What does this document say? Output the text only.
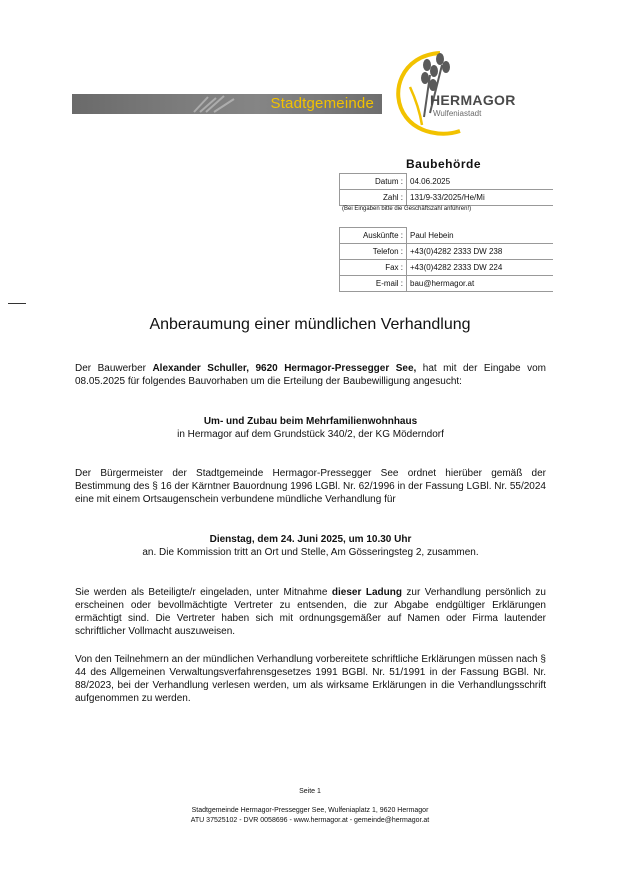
Stadtgemeinde	HERMAGOR
Wulfeniastadt
Baubehörde
Datum :	04.06.2025
Zahl :	131/9-33/2025/He/Mi
(Bei Eingaben bitte die Geschäftszahl anführen!)
Auskünfte :	Paul Hebein
Telefon :	+43(0)4282 2333 DW 238
Fax :	+43(0)4282 2333 DW 224
E-mail :	bau@hermagor.at
Anberaumung einer mündlichen Verhandlung
Der Bauwerber Alexander Schuller, 9620 Hermagor-Pressegger See, hat mit der Eingabe vom 08.05.2025 für folgendes Bauvorhaben um die Erteilung der Baubewilligung angesucht:
Um- und Zubau beim Mehrfamilienwohnhaus
in Hermagor auf dem Grundstück 340/2, der KG Möderndorf
Der Bürgermeister der Stadtgemeinde Hermagor-Pressegger See ordnet hierüber gemäß der Bestimmung des § 16 der Kärntner Bauordnung 1996 LGBl. Nr. 62/1996 in der Fassung LGBl. Nr. 55/2024 eine mit einem Ortsaugenschein verbundene mündliche Verhandlung für
Dienstag, dem 24. Juni 2025, um 10.30 Uhr
an. Die Kommission tritt an Ort und Stelle, Am Gösseringsteg 2, zusammen.
Sie werden als Beteiligte/r eingeladen, unter Mitnahme dieser Ladung zur Verhandlung persönlich zu erscheinen oder bevollmächtigte Vertreter zu entsenden, die zur Abgabe endgültiger Erklärungen ermächtigt sind. Die Vertreter haben sich mit ordnungsgemäßer auf Namen oder Firma lautender schriftlicher Vollmacht auszuweisen.
Von den Teilnehmern an der mündlichen Verhandlung vorbereitete schriftliche Erklärungen müssen nach § 44 des Allgemeinen Verwaltungsverfahrensgesetzes 1991 BGBl. Nr. 51/1991 in der Fassung BGBl. Nr. 88/2023, bei der Verhandlung verlesen werden, um als wirksame Erklärungen in die Verhandlungsschrift aufgenommen zu werden.
Seite 1
Stadtgemeinde Hermagor-Pressegger See, Wulfeniaplatz 1, 9620 Hermagor
ATU 37525102 - DVR 0058696 - www.hermagor.at - gemeinde@hermagor.at
